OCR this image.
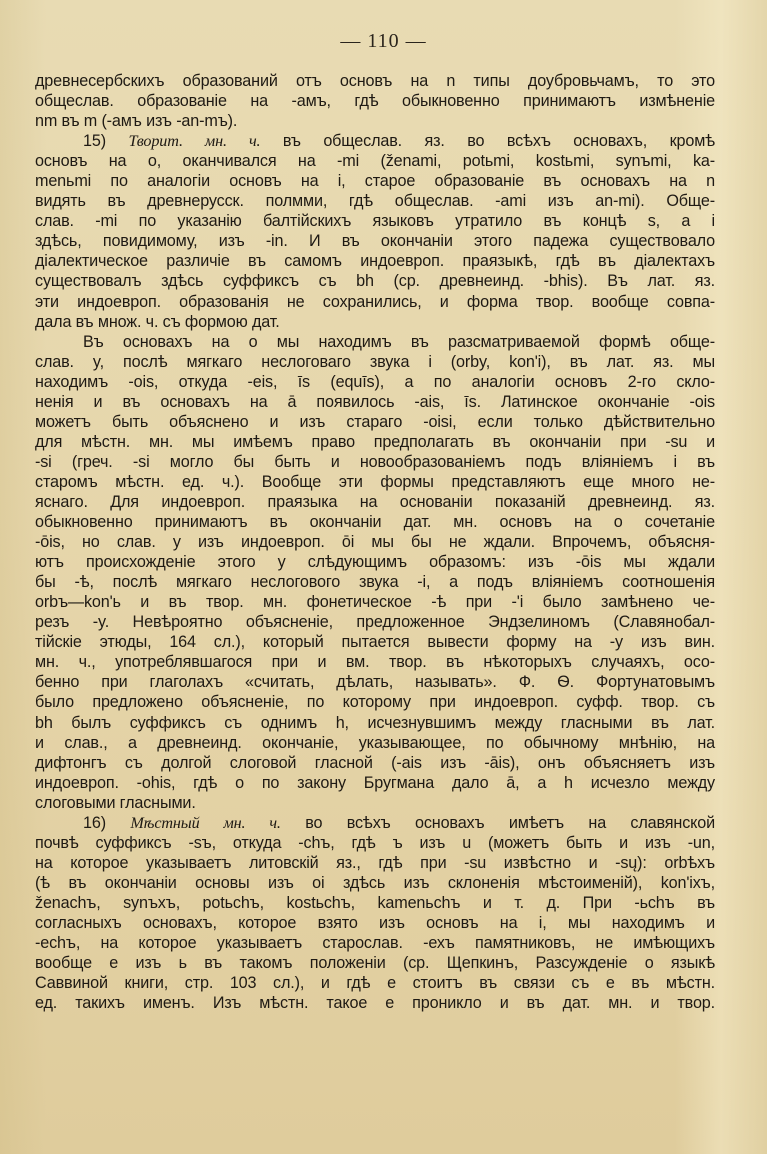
— 110 —
древнесербскихъ образований отъ основъ на n типы доубровьчамъ, то это
общеслав. образованіе на -амъ, гдѣ обыкновенно принимаютъ измѣненіе
nm въ m (-амъ изъ -an-mъ).
15) Творит. мн. ч. въ общеслав. яз. во всѣхъ основахъ, кромѣ
основъ на о, оканчивался на -mi (ženami, potьmi, kostьmi, synъmi, ka-
menьmi по аналогіи основъ на i, старое образованіе въ основахъ на n
видять въ древнерусск. полмми, гдѣ общеслав. -ami изъ an-mi). Обще-
слав. -mi по указанію балтійскихъ языковъ утратило въ концѣ s, a i
здѣсь, повидимому, изъ -in. И въ окончаніи этого падежа существовало
діалектическое различіе въ самомъ индоевроп. праязыкѣ, гдѣ въ діалектахъ
существовалъ здѣсь суффиксъ съ bh (ср. древнеинд. -bhis). Въ лат. яз.
эти индоевроп. образованія не сохранились, и форма твор. вообще совпа-
дала въ множ. ч. съ формою дат.
Въ основахъ на о мы находимъ въ разсматриваемой формѣ обще-
слав. y, послѣ мягкаго неслоговаго звука i (orby, kon'i), въ лат. яз. мы
находимъ -ois, откуда -eis, īs (equīs), a по аналогіи основъ 2-го скло-
ненія и въ основахъ на ā появилось -ais, īs. Латинское окончаніе -ois
можетъ быть объяснено и изъ стараго -oisi, если только дѣйствительно
для мѣстн. мн. мы имѣемъ право предполагать въ окончаніи при -su и
-si (греч. -si могло бы быть и новообразованіемъ подъ вліяніемъ i въ
старомъ мѣстн. ед. ч.). Вообще эти формы представляютъ еще много не-
яснаго. Для индоевроп. праязыка на основаніи показаній древнеинд. яз.
обыкновенно принимаютъ въ окончаніи дат. мн. основъ на о сочетаніе
-ōis, но слав. y изъ индоевроп. ōi мы бы не ждали. Впрочемъ, объясня-
ютъ происхожденіе этого y слѣдующимъ образомъ: изъ -ōis мы ждали
бы -ѣ, послѣ мягкаго неслогового звука -i, а подъ вліяніемъ соотношенія
orbъ—kon'ь и въ твор. мн. фонетическое -ѣ при -'i было замѣнено че-
резъ -y. Невѣроятно объясненіе, предложенное Эндзелиномъ (Славянобал-
тійскіе этюды, 164 сл.), который пытается вывести форму на -y изъ вин.
мн. ч., употреблявшагося при и вм. твор. въ нѣкоторыхъ случаяхъ, осо-
бенно при глаголахъ «считать, дѣлать, называть». Ф. Ѳ. Фортунатовымъ
было предложено объясненіе, по которому при индоевроп. суфф. твор. съ
bh былъ суффиксъ съ однимъ h, исчезнувшимъ между гласными въ лат.
и слав., а древнеинд. окончаніе, указывающее, по обычному мнѣнію, на
дифтонгъ съ долгой слоговой гласной (-ais изъ -āis), онъ объясняетъ изъ
индоевроп. -ohis, гдѣ о по закону Бругмана дало ā, а h исчезло между
слоговыми гласными.
16) Мѣстный мн. ч. во всѣхъ основахъ имѣетъ на славянской
почвѣ суффиксъ -sъ, откуда -chъ, гдѣ ъ изъ u (можетъ быть и изъ -un,
на которое указываетъ литовскій яз., гдѣ при -su извѣстно и -sų): orbѣxъ
(ѣ въ окончаніи основы изъ oi здѣсь изъ склоненія мѣстоименій), kon'ixъ,
ženachъ, synъxъ, potьchъ, kostьchъ, kamenьchъ и т. д. При -ьchъ въ
согласныхъ основахъ, которое взято изъ основъ на i, мы находимъ и
-echъ, на которое указываетъ старослав. -ехъ памятниковъ, не имѣющихъ
вообще е изъ ь въ такомъ положеніи (ср. Щепкинъ, Разсужденіе о языкѣ
Саввиной книги, стр. 103 сл.), и гдѣ е стоитъ въ связи съ е въ мѣстн.
ед. такихъ именъ. Изъ мѣстн. такое е проникло и въ дат. мн. и твор.
